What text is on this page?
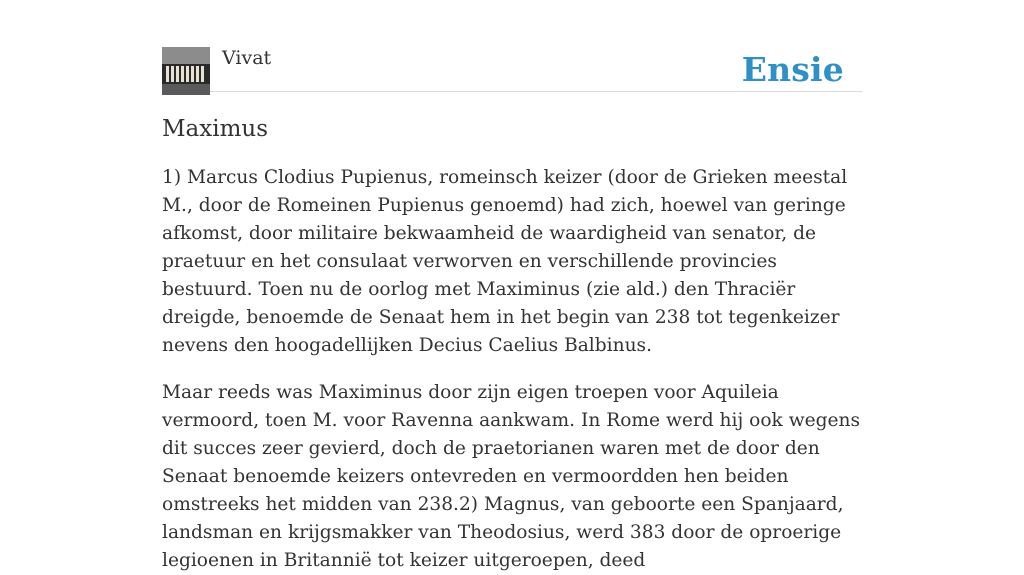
Vivat	Ensie
Maximus

1) Marcus Clodius Pupienus, romeinsch keizer (door de Grieken meestal M., door de Romeinen Pupienus genoemd) had zich, hoewel van geringe afkomst, door militaire bekwaamheid de waardigheid van senator, de praetuur en het consulaat verworven en verschillende provincies bestuurd. Toen nu de oorlog met Maximinus (zie ald.) den Thraciër dreigde, benoemde de Senaat hem in het begin van 238 tot tegenkeizer nevens den hoogadellijken Decius Caelius Balbinus.

Maar reeds was Maximinus door zijn eigen troepen voor Aquileia vermoord, toen M. voor Ravenna aankwam. In Rome werd hij ook wegens dit succes zeer gevierd, doch de praetorianen waren met de door den Senaat benoemde keizers ontevreden en vermoordden hen beiden omstreeks het midden van 238.2) Magnus, van geboorte een Spanjaard, landsman en krijgsmakker van Theodosius, werd 383 door de oproerige legioenen in Britannië tot keizer uitgeroepen, deed
